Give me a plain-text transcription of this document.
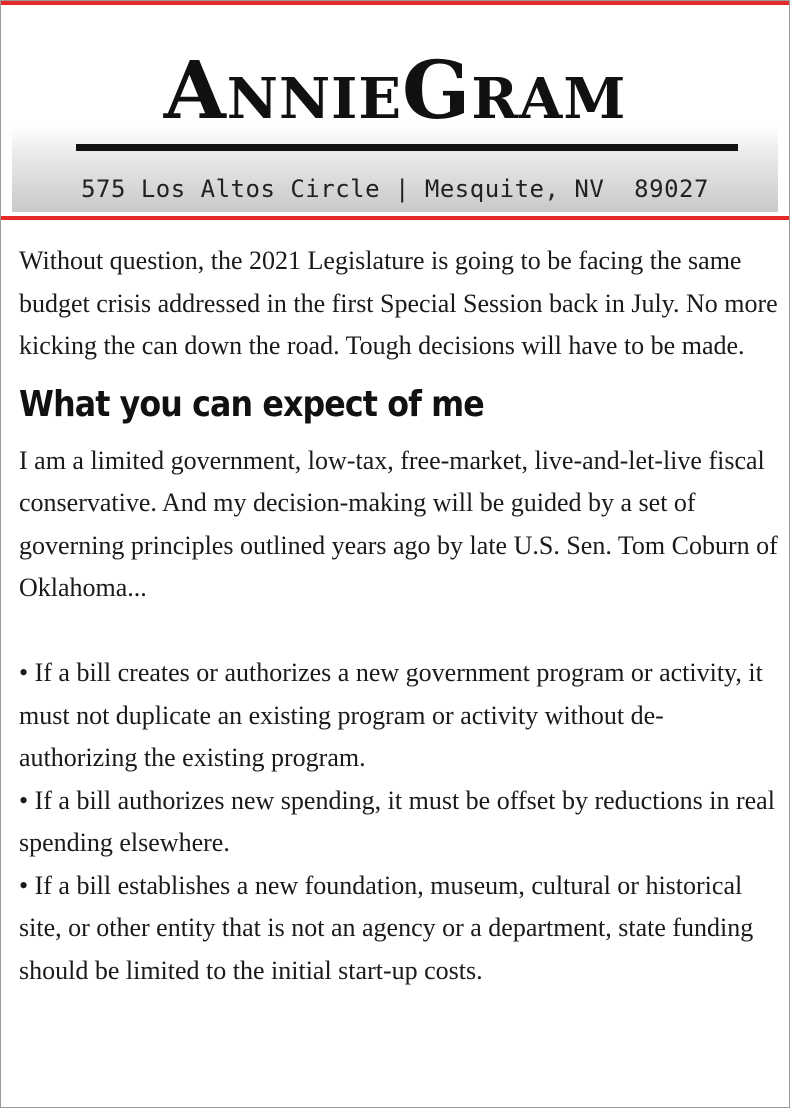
AnnieGram
575 Los Altos Circle | Mesquite, NV  89027

Without question, the 2021 Legislature is going to be facing the same budget crisis addressed in the first Special Session back in July. No more kicking the can down the road. Tough decisions will have to be made.

What you can expect of me

I am a limited government, low-tax, free-market, live-and-let-live fiscal conservative. And my decision-making will be guided by a set of governing principles outlined years ago by late U.S. Sen. Tom Coburn of Oklahoma...

• If a bill creates or authorizes a new government program or activity, it must not duplicate an existing program or activity without de-authorizing the existing program.

• If a bill authorizes new spending, it must be offset by reductions in real spending elsewhere.

• If a bill establishes a new foundation, museum, cultural or historical site, or other entity that is not an agency or a department, state funding should be limited to the initial start-up costs.
